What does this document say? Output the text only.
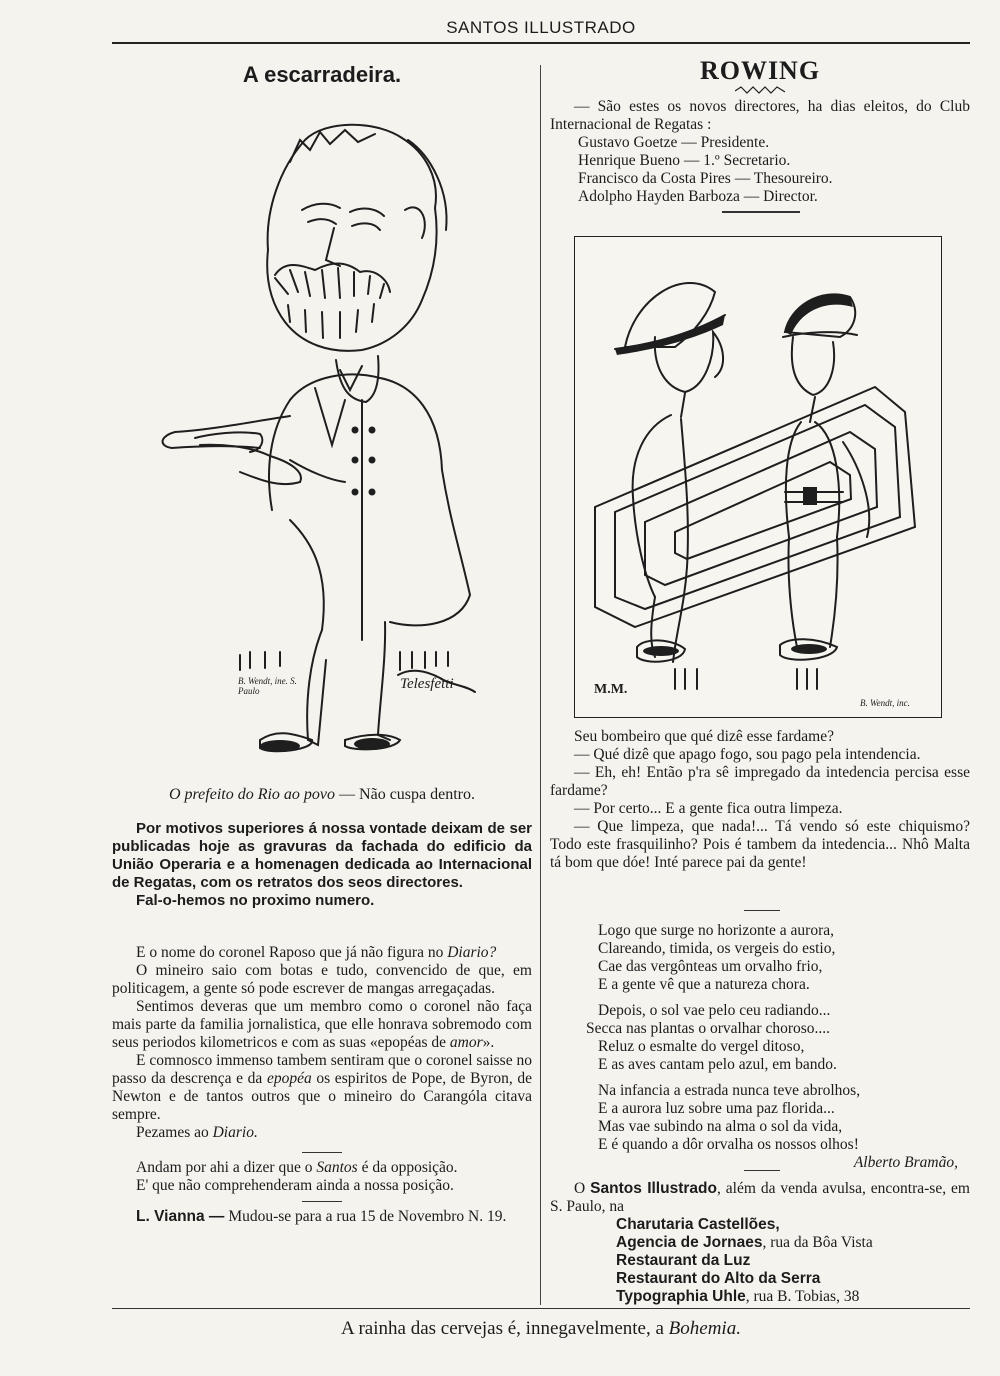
SANTOS ILLUSTRADO
A escarradeira.
B. Wendt, ine. S. Paulo	Telesfetti
O prefeito do Rio ao povo — Não cuspa dentro.

Por motivos superiores á nossa vontade deixam de ser publicadas hoje as gravuras da fachada do edificio da União Operaria e a homenagen dedicada ao Internacional de Regatas, com os retratos dos seos directores.

Fal-o-hemos no proximo numero.

E o nome do coronel Raposo que já não figura no Diario?

O mineiro saio com botas e tudo, convencido de que, em politicagem, a gente só pode escrever de mangas arregaçadas.

Sentimos deveras que um membro como o coronel não faça mais parte da familia jornalistica, que elle honrava sobremodo com seus periodos kilometricos e com as suas «epopéas de amor».

E comnosco immenso tambem sentiram que o coronel saisse no passo da descrença e da epopéa os espiritos de Pope, de Byron, de Newton e de tantos outros que o mineiro do Carangóla citava sempre.

Pezames ao Diario.

Andam por ahi a dizer que o Santos é da opposição.

E' que não comprehenderam ainda a nossa posição.

L. Vianna — Mudou-se para a rua 15 de Novembro N. 19.

ROWING

— São estes os novos directores, ha dias eleitos, do Club Internacional de Regatas :

Gustavo Goetze — Presidente.

Henrique Bueno — 1.º Secretario.

Francisco da Costa Pires — Thesoureiro.

Adolpho Hayden Barboza — Director.

M.M.
B. Wendt, inc.

Seu bombeiro que qué dizê esse fardame?

— Qué dizê que apago fogo, sou pago pela intendencia.

— Eh, eh! Então p'ra sê impregado da intedencia percisa esse fardame?

— Por certo... E a gente fica outra limpeza.

— Que limpeza, que nada!... Tá vendo só este chiquismo? Todo este frasquilinho? Pois é tambem da intedencia... Nhô Malta tá bom que dóe! Inté parece pai da gente!

Logo que surge no horizonte a aurora,

Clareando, timida, os vergeis do estio,

Cae das vergônteas um orvalho frio,

E a gente vê que a natureza chora.

Depois, o sol vae pelo ceu radiando...

Secca nas plantas o orvalhar choroso....

Reluz o esmalte do vergel ditoso,

E as aves cantam pelo azul, em bando.

Na infancia a estrada nunca teve abrolhos,

E a aurora luz sobre uma paz florida...

Mas vae subindo na alma o sol da vida,

E é quando a dôr orvalha os nossos olhos!

Alberto Bramão,

O Santos Illustrado, além da venda avulsa, encontra-se, em S. Paulo, na

Charutaria Castellões,

Agencia de Jornaes, rua da Bôa Vista

Restaurant da Luz

Restaurant do Alto da Serra

Typographia Uhle, rua B. Tobias, 38

A rainha das cervejas é, innegavelmente, a Bohemia.
